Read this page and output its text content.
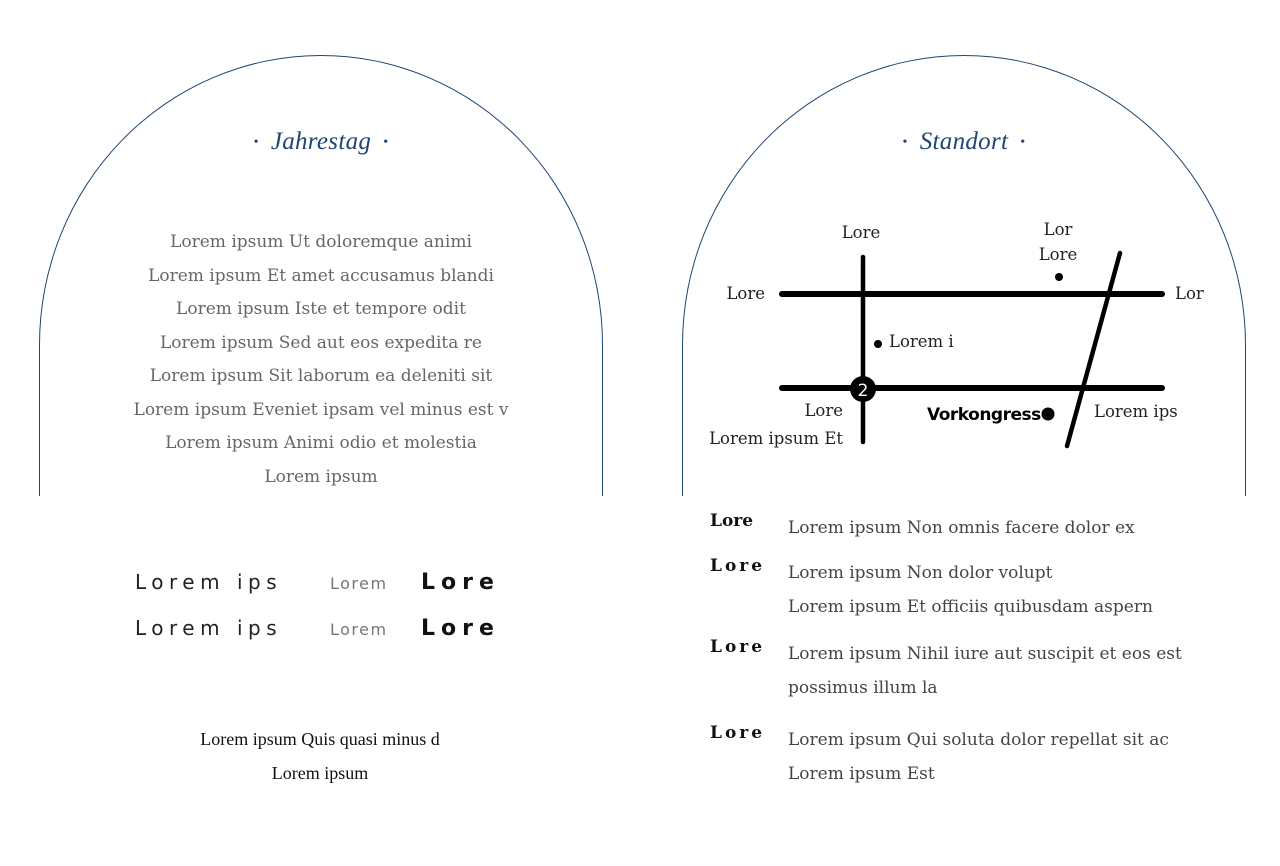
• Jahrestag •
Lorem ipsum Ut doloremque animi
Lorem ipsum Et amet accusamus blandi
Lorem ipsum Iste et tempore odit
Lorem ipsum Sed aut eos expedita re
Lorem ipsum Sit laborum ea deleniti sit
Lorem ipsum Eveniet ipsam vel minus est v
Lorem ipsum Animi odio et molestia
Lorem ipsum
Lorem ips	Lorem Lore
Lorem ips	Lorem Lore
Lorem ipsum Quis quasi minus d
Lorem ipsum
• Standort •
2
Lore	Lor
Lore
Lore	Lor
Lorem i
Lore
Lorem ipsum Et
Vorkongress	Lorem ips
Lore Lorem ipsum Non omnis facere dolor ex
Lore Lorem ipsum Non dolor volupt
Lorem ipsum Et officiis quibusdam aspern
Lore Lorem ipsum Nihil iure aut suscipit et eos est
possimus illum la
Lore Lorem ipsum Qui soluta dolor repellat sit ac
Lorem ipsum Est
